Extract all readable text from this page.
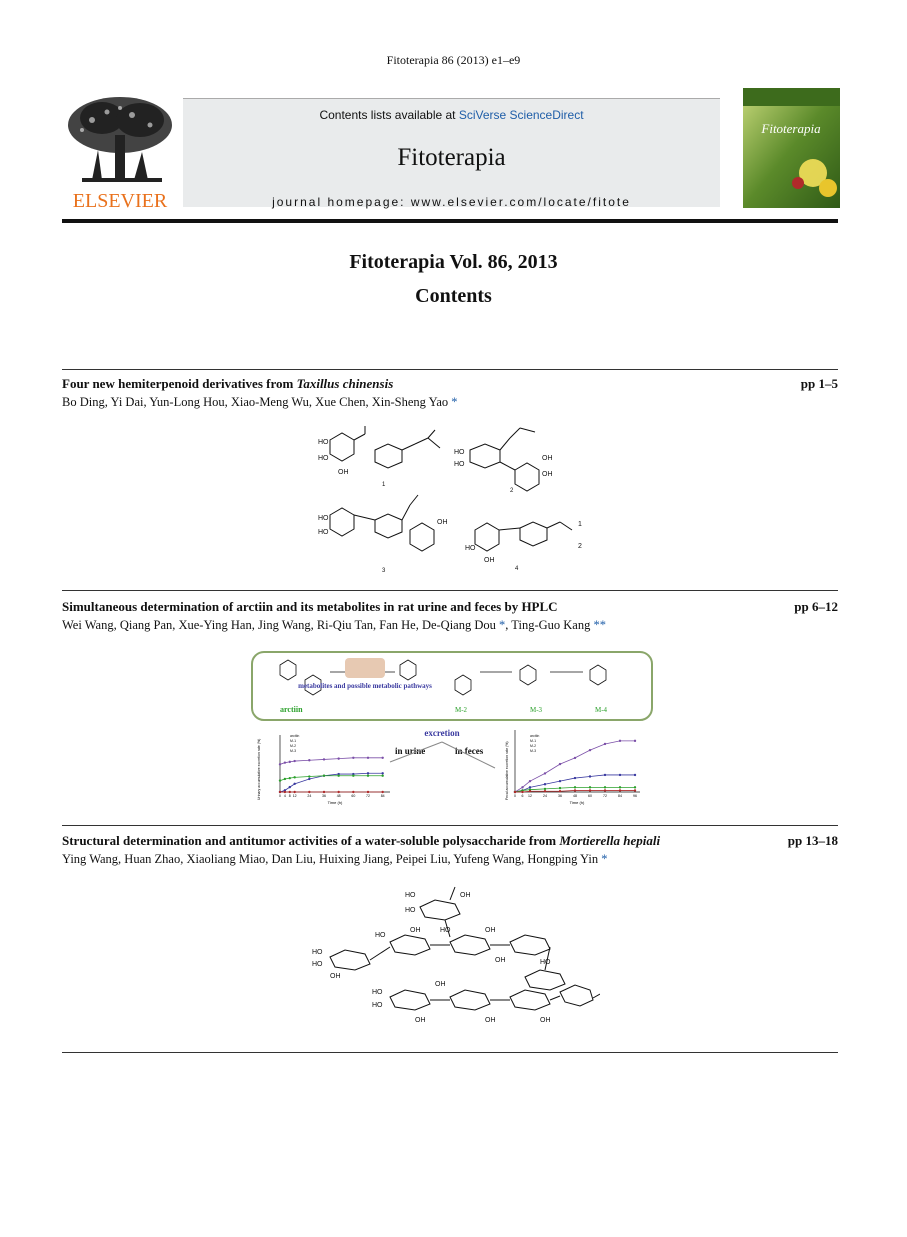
Fitoterapia 86 (2013) e1–e9
ELSEVIER
Contents lists available at SciVerse ScienceDirect
Fitoterapia
journal homepage: www.elsevier.com/locate/fitote
Fitoterapia
Fitoterapia Vol. 86, 2013
Contents
Four new hemiterpenoid derivatives from Taxillus chinensis	pp 1–5
Bo Ding, Yi Dai, Yun-Long Hou, Xiao-Meng Wu, Xue Chen, Xin-Sheng Yao *
HO
HO
OH
HO
HO
OH
OH
HO
HO
OH
HO
OH
1
2
1
2
3	4
Simultaneous determination of arctiin and its metabolites in rat urine and feces by HPLC	pp 6–12
Wei Wang, Qiang Pan, Xue-Ying Han, Jing Wang, Ri-Qiu Tan, Fan He, De-Qiang Dou *, Ting-Guo Kang **
metabolites and possible metabolic pathways
arctiin	M-2	M-3	M-4
excretion
in urine	in feces
Time (h)
Urinary accumulative excretion rate (%)
arctiin
M-1
M-2
M-3
0 4 8 12	24	36	48	60	72	84
Time (h)
Fecal accumulative excretion rate (%)
arctiin
M-1
M-2
M-3
0 6 12	24	36	48	60	72	84	96
Structural determination and antitumor activities of a water-soluble polysaccharide from Mortierella hepiali	pp 13–18
Ying Wang, Huan Zhao, Xiaoliang Miao, Dan Liu, Huixing Jiang, Peipei Liu, Yufeng Wang, Hongping Yin *
HO
HO
OH
HO
OH	HO
HO
HO
OH
OH
OH	HO
HO
HO
OH
OH
OH	OH
